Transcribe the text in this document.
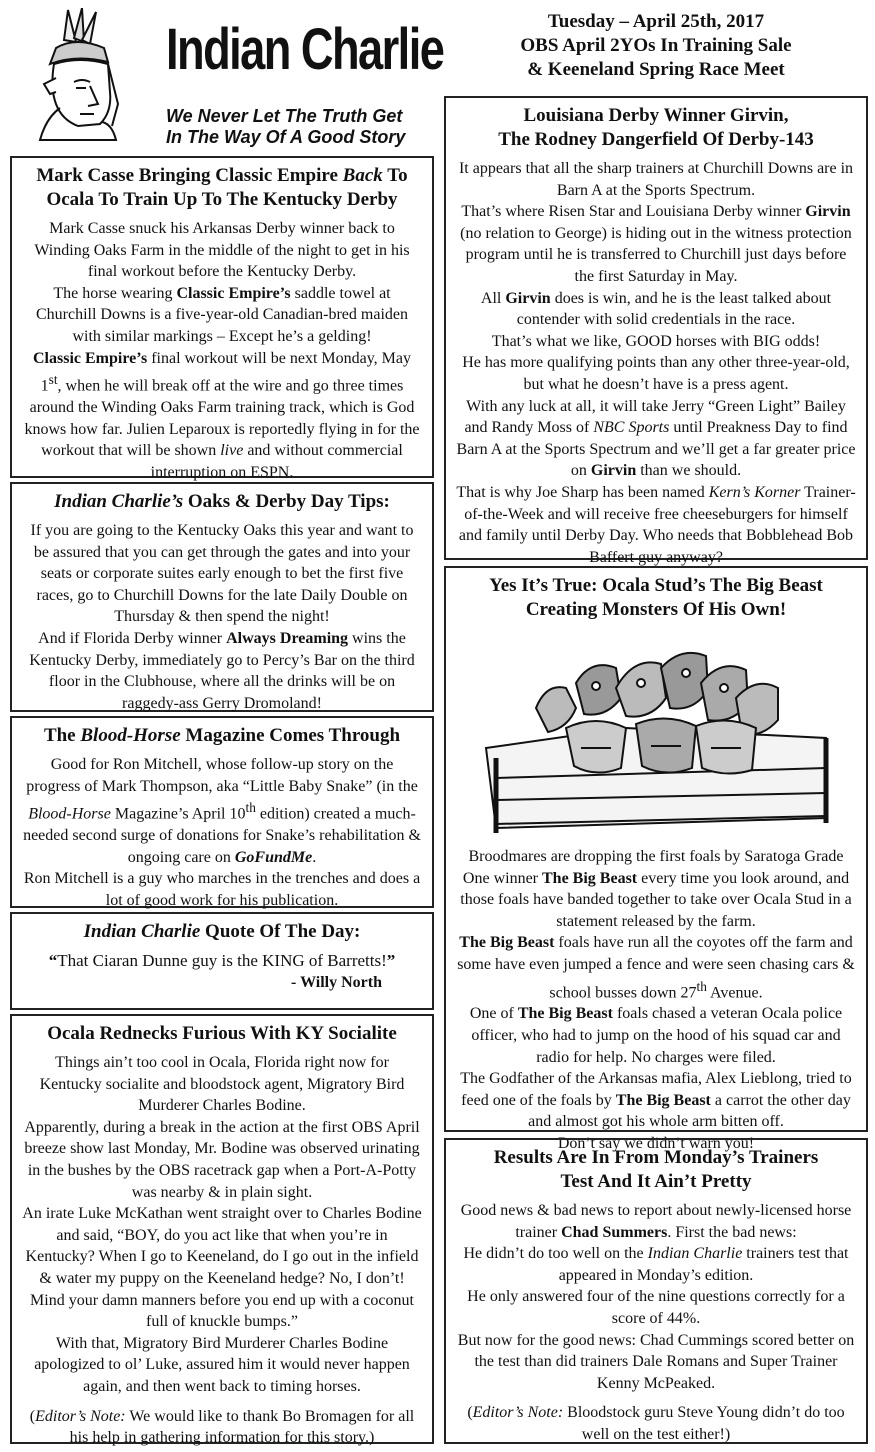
Indian Charlie
We Never Let The Truth Get
In The Way Of A Good Story
Tuesday – April 25th, 2017
OBS April 2YOs In Training Sale
& Keeneland Spring Race Meet
Mark Casse Bringing Classic Empire Back To Ocala To Train Up To The Kentucky Derby

Mark Casse snuck his Arkansas Derby winner back to Winding Oaks Farm in the middle of the night to get in his final workout before the Kentucky Derby.

The horse wearing Classic Empire’s saddle towel at Churchill Downs is a five-year-old Canadian-bred maiden with similar markings – Except he’s a gelding!

Classic Empire’s final workout will be next Monday, May 1st, when he will break off at the wire and go three times around the Winding Oaks Farm training track, which is God knows how far. Julien Leparoux is reportedly flying in for the workout that will be shown live and without commercial interruption on ESPN.

Indian Charlie’s Oaks & Derby Day Tips:

If you are going to the Kentucky Oaks this year and want to be assured that you can get through the gates and into your seats or corporate suites early enough to bet the first five races, go to Churchill Downs for the late Daily Double on Thursday & then spend the night!

And if Florida Derby winner Always Dreaming wins the Kentucky Derby, immediately go to Percy’s Bar on the third floor in the Clubhouse, where all the drinks will be on raggedy-ass Gerry Dromoland!

The Blood-Horse Magazine Comes Through

Good for Ron Mitchell, whose follow-up story on the progress of Mark Thompson, aka “Little Baby Snake” (in the Blood-Horse Magazine’s April 10th edition) created a much-needed second surge of donations for Snake’s rehabilitation & ongoing care on GoFundMe.

Ron Mitchell is a guy who marches in the trenches and does a lot of good work for his publication.

Indian Charlie Quote Of The Day:

“That Ciaran Dunne guy is the KING of Barretts!”

- Willy North

Ocala Rednecks Furious With KY Socialite

Things ain’t too cool in Ocala, Florida right now for Kentucky socialite and bloodstock agent, Migratory Bird Murderer Charles Bodine.

Apparently, during a break in the action at the first OBS April breeze show last Monday, Mr. Bodine was observed urinating in the bushes by the OBS racetrack gap when a Port-A-Potty was nearby & in plain sight.

An irate Luke McKathan went straight over to Charles Bodine and said, “BOY, do you act like that when you’re in Kentucky? When I go to Keeneland, do I go out in the infield & water my puppy on the Keeneland hedge? No, I don’t! Mind your damn manners before you end up with a coconut full of knuckle bumps.”

With that, Migratory Bird Murderer Charles Bodine apologized to ol’ Luke, assured him it would never happen again, and then went back to timing horses.

(Editor’s Note: We would like to thank Bo Bromagen for all his help in gathering information for this story.)

Louisiana Derby Winner Girvin,
The Rodney Dangerfield Of Derby-143

It appears that all the sharp trainers at Churchill Downs are in Barn A at the Sports Spectrum.

That’s where Risen Star and Louisiana Derby winner Girvin (no relation to George) is hiding out in the witness protection program until he is transferred to Churchill just days before the first Saturday in May.

All Girvin does is win, and he is the least talked about contender with solid credentials in the race.

That’s what we like, GOOD horses with BIG odds!

He has more qualifying points than any other three-year-old, but what he doesn’t have is a press agent.

With any luck at all, it will take Jerry “Green Light” Bailey and Randy Moss of NBC Sports until Preakness Day to find Barn A at the Sports Spectrum and we’ll get a far greater price on Girvin than we should.

That is why Joe Sharp has been named Kern’s Korner Trainer-of-the-Week and will receive free cheeseburgers for himself and family until Derby Day. Who needs that Bobblehead Bob Baffert guy anyway?

Yes It’s True: Ocala Stud’s The Big Beast
Creating Monsters Of His Own!

Broodmares are dropping the first foals by Saratoga Grade One winner The Big Beast every time you look around, and those foals have banded together to take over Ocala Stud in a statement released by the farm.

The Big Beast foals have run all the coyotes off the farm and some have even jumped a fence and were seen chasing cars & school busses down 27th Avenue.

One of The Big Beast foals chased a veteran Ocala police officer, who had to jump on the hood of his squad car and radio for help. No charges were filed.

The Godfather of the Arkansas mafia, Alex Lieblong, tried to feed one of the foals by The Big Beast a carrot the other day and almost got his whole arm bitten off.

Don’t say we didn’t warn you!

Results Are In From Monday’s Trainers
Test And It Ain’t Pretty

Good news & bad news to report about newly-licensed horse trainer Chad Summers. First the bad news:

He didn’t do too well on the Indian Charlie trainers test that appeared in Monday’s edition.

He only answered four of the nine questions correctly for a score of 44%.

But now for the good news: Chad Cummings scored better on the test than did trainers Dale Romans and Super Trainer Kenny McPeaked.

(Editor’s Note: Bloodstock guru Steve Young didn’t do too well on the test either!)
